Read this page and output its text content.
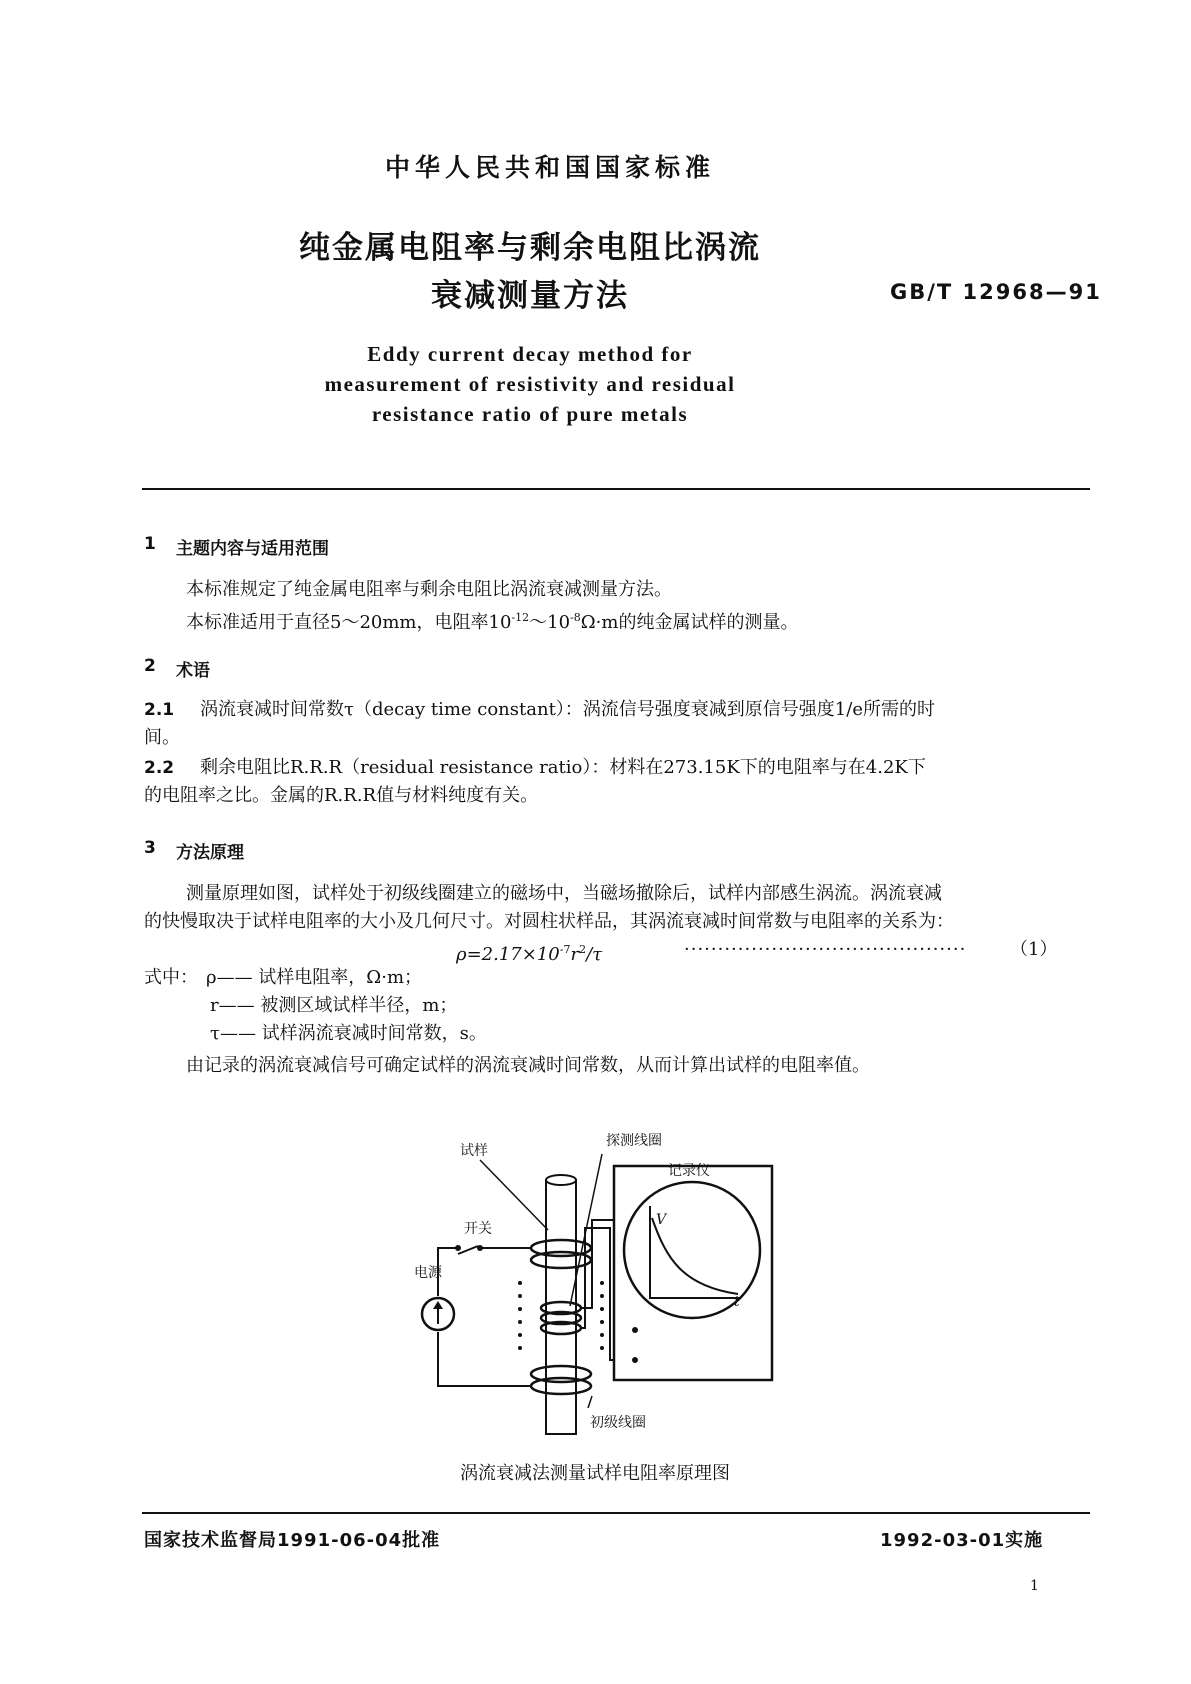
中华人民共和国国家标准
纯金属电阻率与剩余电阻比涡流
衰减测量方法	GB/T 12968—91
Eddy current decay method for
measurement of resistivity and residual
resistance ratio of pure metals
1 主题内容与适用范围
本标准规定了纯金属电阻率与剩余电阻比涡流衰减测量方法。
本标准适用于直径5～20mm，电阻率$10^{-12}\sim 10^{-8}\Omega\cdot m$的纯金属试样的测量。
2 术语
2.1 涡流衰减时间常数τ（decay time constant）：涡流信号强度衰减到原信号强度1/e所需的时
间。
2.2 剩余电阻比R.R.R（residual resistance ratio）：材料在273.15K下的电阻率与在4.2K下
的电阻率之比。金属的R.R.R值与材料纯度有关。
3 方法原理
测量原理如图，试样处于初级线圈建立的磁场中，当磁场撤除后，试样内部感生涡流。涡流衰减
的快慢取决于试样电阻率的大小及几何尺寸。对圆柱状样品，其涡流衰减时间常数与电阻率的关系为：
$\rho=2.17\times 10^{-7}r^2/\tau$	·········································· （1）
式中： ρ—— 试样电阻率，Ω·m；
r—— 被测区域试样半径，m；
τ—— 试样涡流衰减时间常数，s。
由记录的涡流衰减信号可确定试样的涡流衰减时间常数，从而计算出试样的电阻率值。
试样
探测线圈
记录仪
开关
电源
初级线圈
V
t
涡流衰减法测量试样电阻率原理图
国家技术监督局1991-06-04批准	1992-03-01实施
1
